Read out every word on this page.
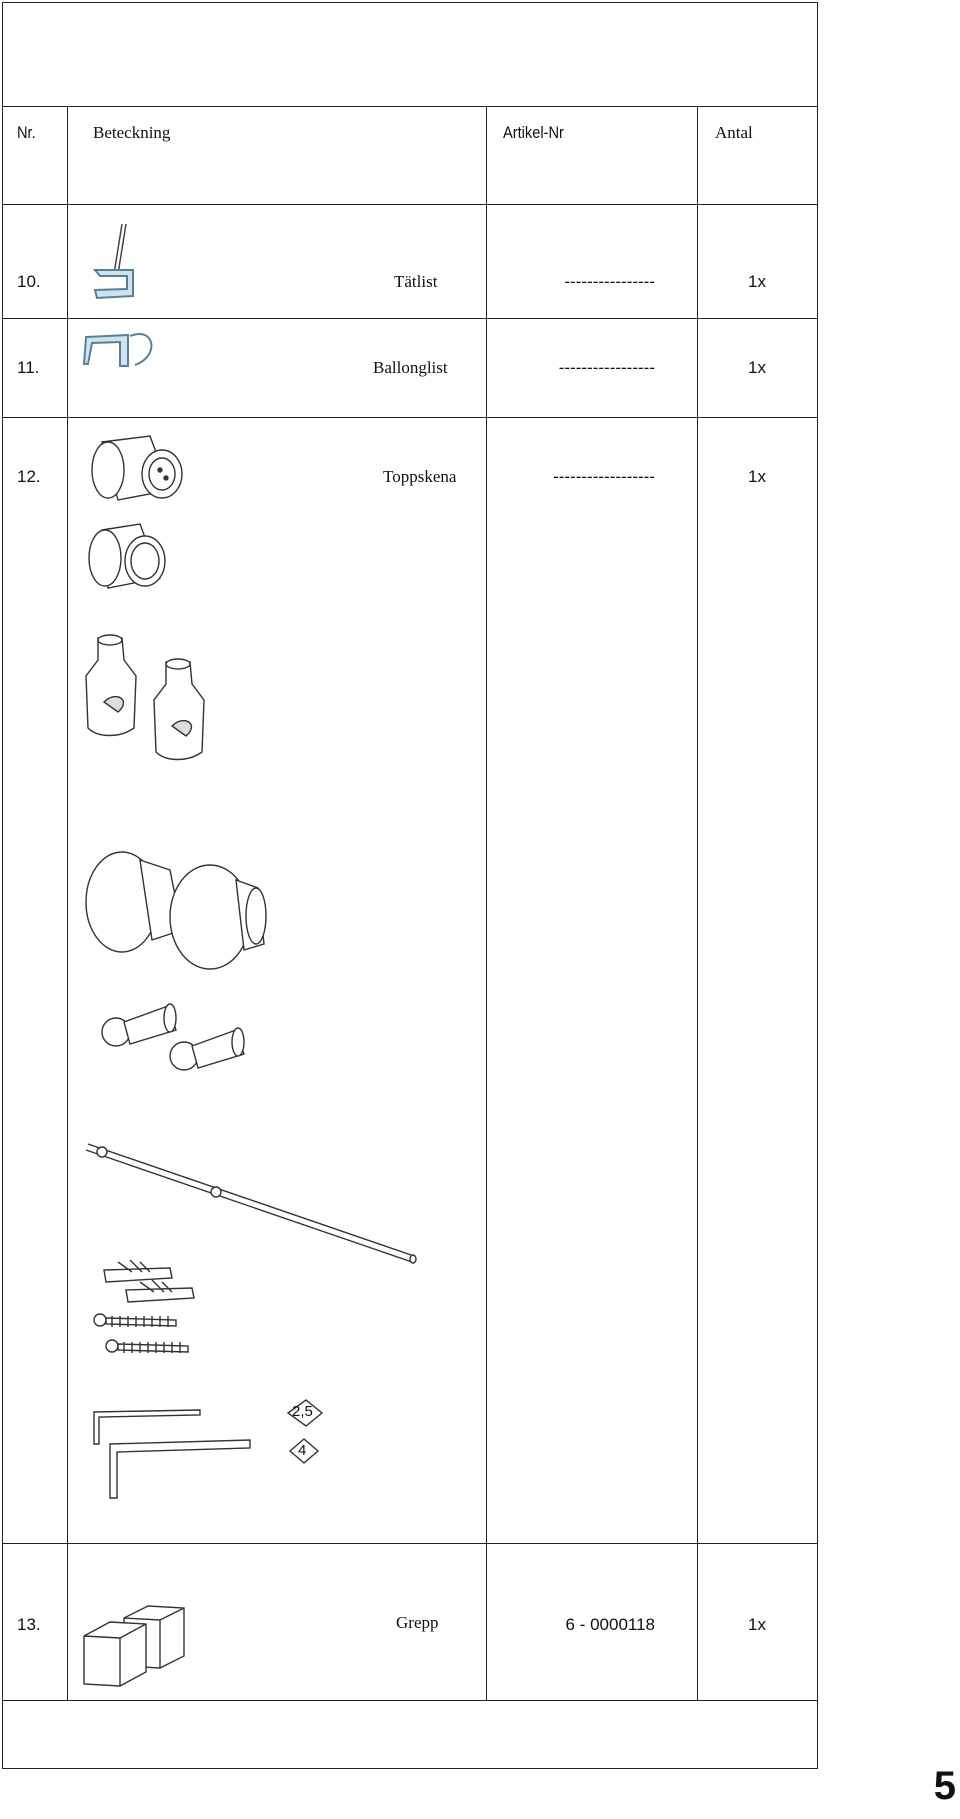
Nr.	Beteckning	Artikel-Nr	Antal
10.	Tätlist	----------------	1x
11.	Ballonglist	-----------------	1x
12.	Toppskena	------------------	1x
13.	Grepp	6 - 0000118	1x
2,5
4
5
